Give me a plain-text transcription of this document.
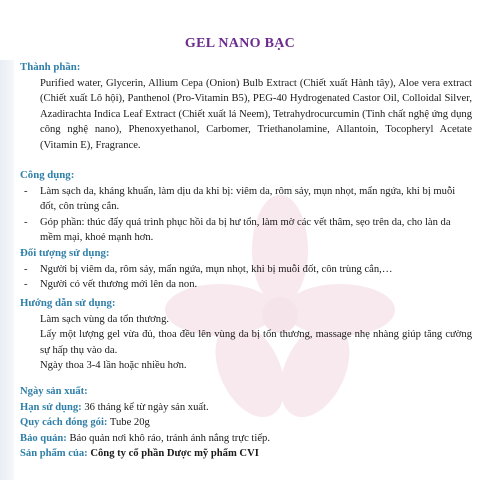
GEL NANO BẠC
Thành phần:
Purified water, Glycerin, Allium Cepa (Onion) Bulb Extract (Chiết xuất Hành tây), Aloe vera extract (Chiết xuất Lô hội), Panthenol (Pro-Vitamin B5), PEG-40 Hydrogenated Castor Oil, Colloidal Silver, Azadirachta Indica Leaf Extract (Chiết xuất lá Neem), Tetrahydrocurcumin (Tinh chất nghệ ứng dụng công nghệ nano), Phenoxyethanol, Carbomer, Triethanolamine, Allantoin, Tocopheryl Acetate (Vitamin E), Fragrance.
Công dụng:
-	Làm sạch da, kháng khuẩn, làm dịu da khi bị: viêm da, rôm sảy, mụn nhọt, mẩn ngứa, khi bị muỗi đốt, côn trùng cắn.
-	Góp phần: thúc đẩy quá trình phục hồi da bị hư tổn, làm mờ các vết thâm, sẹo trên da, cho làn da mềm mại, khoẻ mạnh hơn.
Đối tượng sử dụng:
-	Người bị viêm da, rôm sảy, mẩn ngứa, mụn nhọt, khi bị muỗi đốt, côn trùng cắn,…
-	Người có vết thương mới lên da non.
Hướng dẫn sử dụng:
Làm sạch vùng da tổn thương.
Lấy một lượng gel vừa đủ, thoa đều lên vùng da bị tổn thương, massage nhẹ nhàng giúp tăng cường sự hấp thụ vào da.
Ngày thoa 3-4 lần hoặc nhiều hơn.
Ngày sản xuất:
Hạn sử dụng: 36 tháng kể từ ngày sản xuất.
Quy cách đóng gói: Tube 20g
Bảo quản: Bảo quản nơi khô ráo, tránh ánh nắng trực tiếp.
Sản phẩm của: Công ty cổ phần Dược mỹ phẩm CVI
